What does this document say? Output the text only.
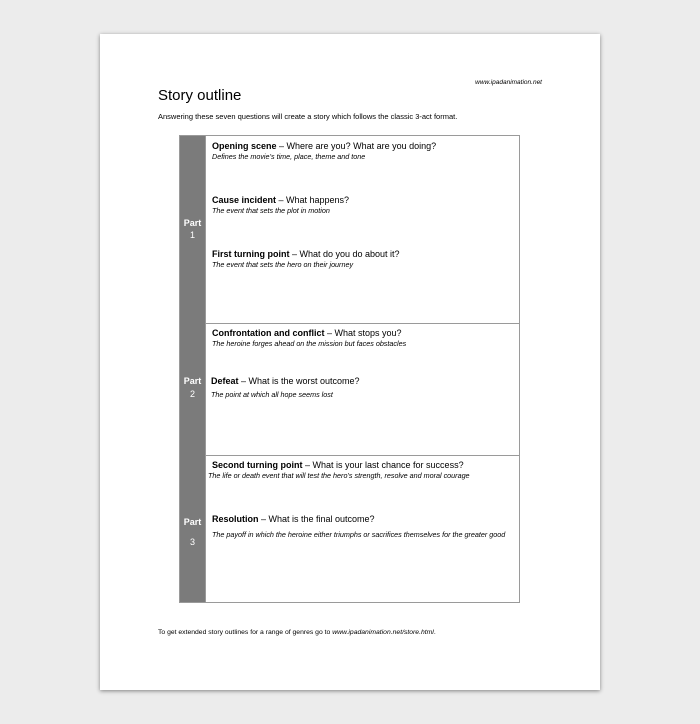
www.ipadanimation.net
Story outline

Answering these seven questions will create a story which follows the classic 3-act format.

Part
1
Opening scene – Where are you? What are you doing?
Defines the movie’s time, place, theme and tone
Cause incident – What happens?
The event that sets the plot in motion
First turning point – What do you do about it?
The event that sets the hero on their journey
Part
2
Confrontation and conflict – What stops you?
The heroine forges ahead on the mission but faces obstacles
Defeat – What is the worst outcome?
The point at which all hope seems lost
Part
3
Second turning point – What is your last chance for success?
The life or death event that will test the hero’s strength, resolve and moral courage
Resolution – What is the final outcome?
The payoff in which the heroine either triumphs or sacrifices themselves for the greater good

To get extended story outlines for a range of genres go to www.ipadanimation.net/store.html.
